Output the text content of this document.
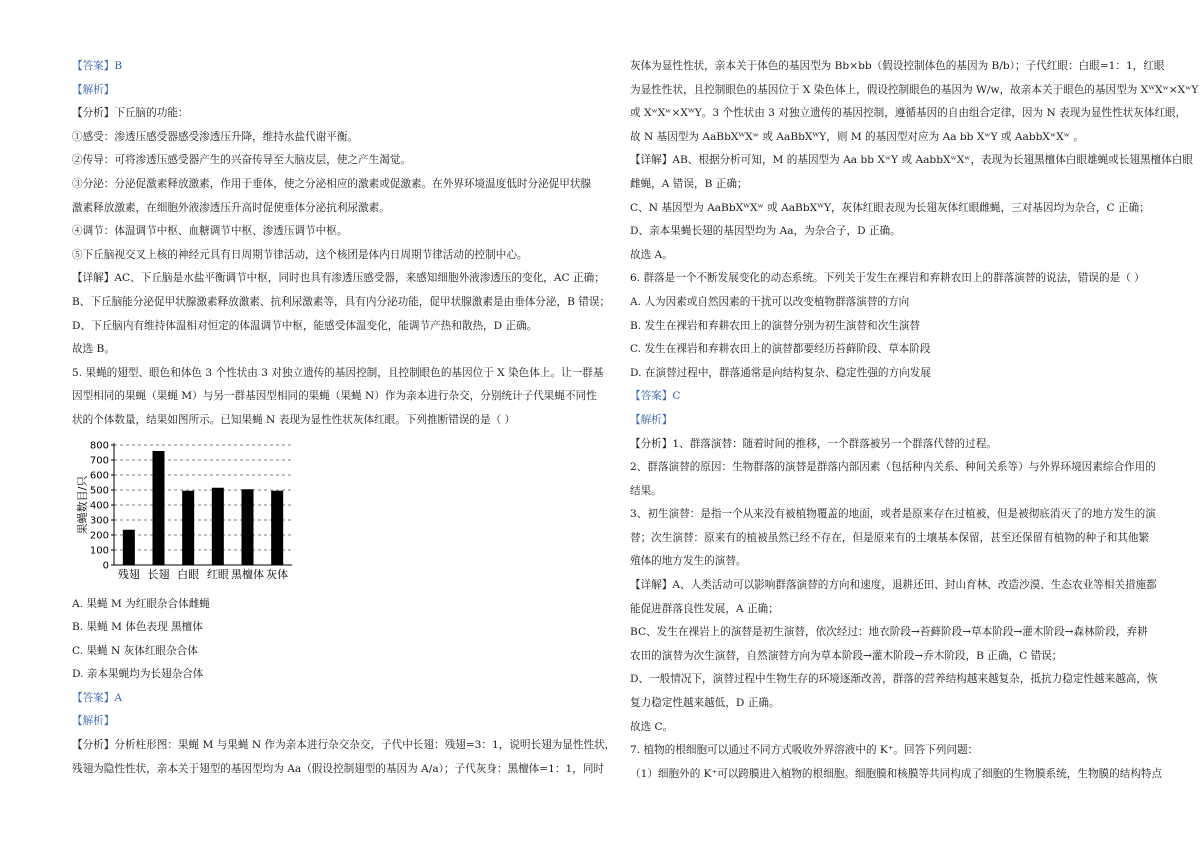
【答案】B

【解析】

【分析】下丘脑的功能：

①感受：渗透压感受器感受渗透压升降，维持水盐代谢平衡。

②传导：可将渗透压感受器产生的兴奋传导至大脑皮层，使之产生渴觉。

③分泌：分泌促激素释放激素，作用于垂体，使之分泌相应的激素或促激素。在外界环境温度低时分泌促甲状腺

激素释放激素，在细胞外液渗透压升高时促使垂体分泌抗利尿激素。

④调节：体温调节中枢、血糖调节中枢、渗透压调节中枢。

⑤下丘脑视交叉上核的神经元具有日周期节律活动，这个核团是体内日周期节律活动的控制中心。

【详解】AC、下丘脑是水盐平衡调节中枢，同时也具有渗透压感受器，来感知细胞外液渗透压的变化，AC 正确；

B、下丘脑能分泌促甲状腺激素释放激素、抗利尿激素等，具有内分泌功能，促甲状腺激素是由垂体分泌，B 错误；

D、下丘脑内有维持体温相对恒定的体温调节中枢，能感受体温变化，能调节产热和散热，D 正确。

故选 B。

5. 果蝇的翅型、眼色和体色 3 个性状由 3 对独立遗传的基因控制，且控制眼色的基因位于 X 染色体上。让一群基

因型相同的果蝇（果蝇 M）与另一群基因型相同的果蝇（果蝇 N）作为亲本进行杂交，分别统计子代果蝇不同性

状的个体数量，结果如图所示。已知果蝇 N 表现为显性性状灰体红眼。下列推断错误的是（ ）

0
100
200
300
400
500
600
700
800
果蝇数目/只
残翅 长翅 白眼 红眼 黑檀体 灰体

A. 果蝇 M 为红眼杂合体雌蝇

B. 果蝇 M 体色表现 黑檀体

C. 果蝇 N 灰体红眼杂合体

D. 亲本果蝇均为长翅杂合体

【答案】A

【解析】

【分析】分析柱形图：果蝇 M 与果蝇 N 作为亲本进行杂交杂交，子代中长翅：残翅=3：1，说明长翅为显性性状，

残翅为隐性性状，亲本关于翅型的基因型均为 Aa（假设控制翅型的基因为 A/a）；子代灰身：黑檀体=1：1，同时

灰体为显性性状，亲本关于体色的基因型为 Bb×bb（假设控制体色的基因为 B/b）；子代红眼：白眼=1：1，红眼

为显性性状，且控制眼色的基因位于 X 染色体上，假设控制眼色的基因为 W/w，故亲本关于眼色的基因型为 XᵂXʷ×XʷY

或 XʷXʷ×XᵂY。3 个性状由 3 对独立遗传的基因控制，遵循基因的自由组合定律，因为 N 表现为显性性状灰体红眼，

故 N 基因型为 AaBbXᵂXʷ 或 AaBbXᵂY，则 M 的基因型对应为 Aa bb XʷY 或 AabbXʷXʷ 。

【详解】AB、根据分析可知，M 的基因型为 Aa bb XʷY 或 AabbXʷXʷ，表现为长翅黑檀体白眼雄蝇或长翅黑檀体白眼

雌蝇，A 错误，B 正确；

C、N 基因型为 AaBbXᵂXʷ 或 AaBbXᵂY，灰体红眼表现为长翅灰体红眼雌蝇，三对基因均为杂合，C 正确；

D、亲本果蝇长翅的基因型均为 Aa，为杂合子，D 正确。

故选 A。

6. 群落是一个不断发展变化的动态系统。下列关于发生在裸岩和弃耕农田上的群落演替的说法，错误的是（ ）

A. 人为因素或自然因素的干扰可以改变植物群落演替的方向

B. 发生在裸岩和弃耕农田上的演替分别为初生演替和次生演替

C. 发生在裸岩和弃耕农田上的演替都要经历苔藓阶段、草本阶段

D. 在演替过程中，群落通常是向结构复杂、稳定性强的方向发展

【答案】C

【解析】

【分析】1、群落演替：随着时间的推移，一个群落被另一个群落代替的过程。

2、群落演替的原因：生物群落的演替是群落内部因素（包括种内关系、种间关系等）与外界环境因素综合作用的

结果。

3、初生演替：是指一个从来没有被植物覆盖的地面，或者是原来存在过植被，但是被彻底消灭了的地方发生的演

替；次生演替：原来有的植被虽然已经不存在，但是原来有的土壤基本保留，甚至还保留有植物的种子和其他繁

殖体的地方发生的演替。

【详解】A、人类活动可以影响群落演替的方向和速度，退耕还田、封山育林、改造沙漠、生态农业等相关措施都

能促进群落良性发展，A 正确；

BC、发生在裸岩上的演替是初生演替，依次经过：地衣阶段→苔藓阶段→草本阶段→灌木阶段→森林阶段，弃耕

农田的演替为次生演替，自然演替方向为草本阶段→灌木阶段→乔木阶段，B 正确，C 错误；

D、一般情况下，演替过程中生物生存的环境逐渐改善，群落的营养结构越来越复杂，抵抗力稳定性越来越高，恢

复力稳定性越来越低，D 正确。

故选 C。

7. 植物的根细胞可以通过不同方式吸收外界溶液中的 K⁺。回答下列问题：

（1）细胞外的 K⁺可以跨膜进入植物的根细胞。细胞膜和核膜等共同构成了细胞的生物膜系统，生物膜的结构特点
